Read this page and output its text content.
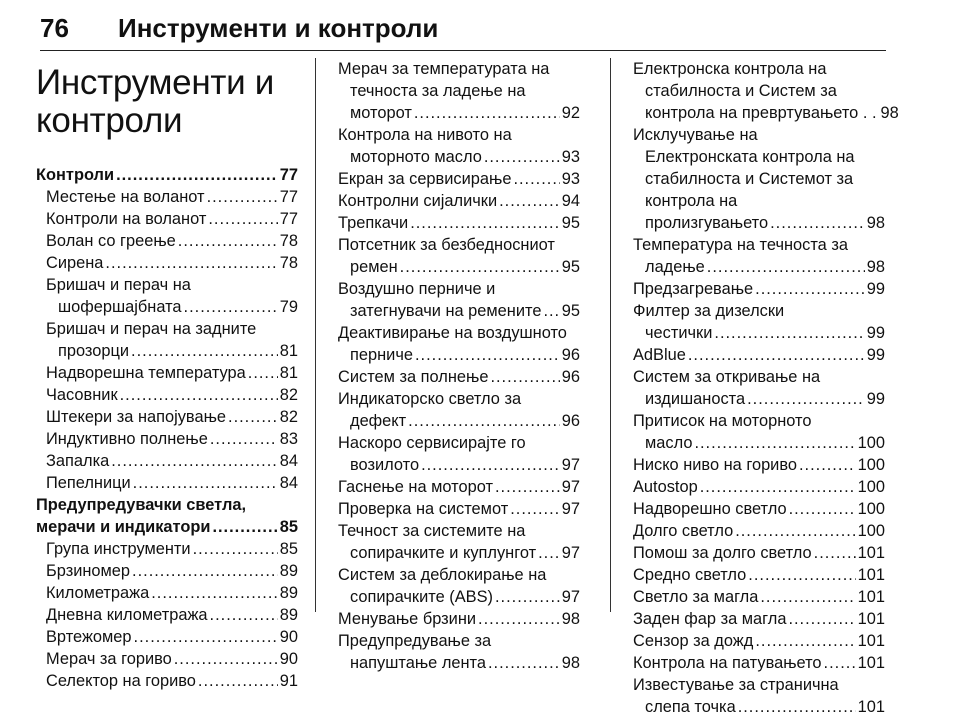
76	Инструменти и контроли
Инструменти и
контроли
Контроли .....	77
Местење на воланот .....	77
Контроли на воланот .....	77
Волан со греење .....	78
Сирена .....	78
Бришач и перач на
шофершајбната .....	79
Бришач и перач на задните
прозорци .....	81
Надворешна температура ..... 81
Часовник .....	82
Штекери за напојување .....	82
Индуктивно полнење .....	83
Запалка .....	84
Пепелници .....	84
Предупредувачки светла,
мерачи и индикатори .....	85
Група инструменти .....	85
Брзиномер .....	89
Километража .....	89
Дневна километража .....	89
Вртежомер .....	90
Мерач за гориво .....	90
Селектор на гориво .....	91
Мерач за температурата на
течноста за ладење на
моторот .....	92
Контрола на нивото на
моторното масло .....	93
Екран за сервисирање .....	93
Контролни сијалички .....	94
Трепкачи .....	95
Потсетник за безбедносниот
ремен .....	95
Воздушно перниче и
затегнувачи на ремените ..... 95
Деактивирање на воздушното
перниче .....	96
Систем за полнење .....	96
Индикаторско светло за
дефект .....	96
Наскоро сервисирајте го
возилото .....	97
Гаснење на моторот .....	97
Проверка на системот .....	97
Течност за системите на
сопирачките и куплунгот ..... 97
Систем за деблокирање на
сопирачките (ABS) .....	97
Менување брзини .....	98
Предупредување за
напуштање лента .....	98
Електронска контрола на
стабилноста и Систем за
контрола на превртувањето . . 98
Исклучување на
Електронската контрола на
стабилноста и Системот за
контрола на
пролизгувањето .....	98
Температура на течноста за
ладење .....	98
Предзагревање .....	99
Филтер за дизелски
честички .....	99
AdBlue .....	99
Систем за откривање на
издишаноста .....	99
Притисок на моторното
масло .....	100
Ниско ниво на гориво .....	100
Autostop .....	100
Надворешно светло .....	100
Долго светло .....	100
Помош за долго светло .....	101
Средно светло .....	101
Светло за магла .....	101
Заден фар за магла .....	101
Сензор за дожд .....	101
Контрола на патувањето ..... 101
Известување за странична
слепа точка .....	101
